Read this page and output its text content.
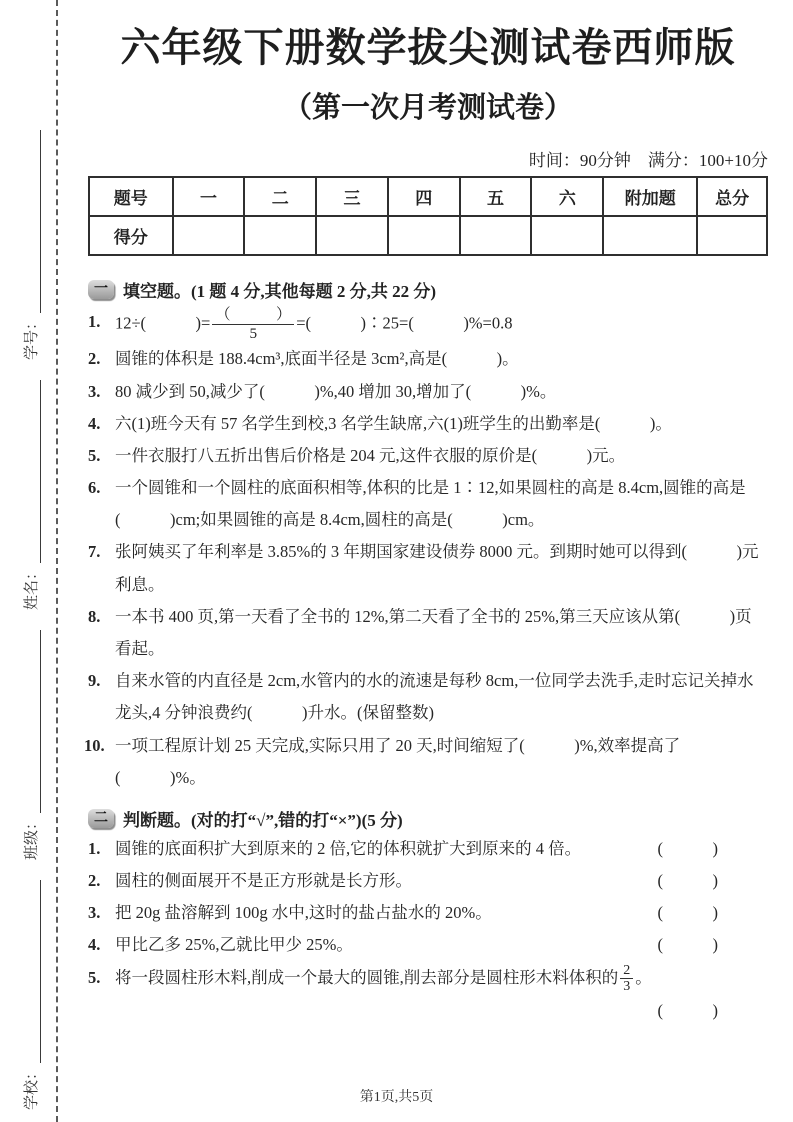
学号：
姓名：
班级：
学校：
六年级下册数学拔尖测试卷西师版
（第一次月考测试卷）
时间：90分钟　满分：100+10分
题号	一	二	三	四	五	六	附加题	总分
得分								
一 填空题。 (1 题 4 分,其他每题 2 分,共 22 分)
1. 12÷(　　　)= $\frac{( )}{5}$ =(　　　)∶25=(　　　)%=0.8
2. 圆锥的体积是 188.4cm³,底面半径是 3cm²,高是(　　　)。
3. 80 减少到 50,减少了(　　　)%,40 增加 30,增加了(　　　)%。
4. 六(1)班今天有 57 名学生到校,3 名学生缺席,六(1)班学生的出勤率是(　　　)。
5. 一件衣服打八五折出售后价格是 204 元,这件衣服的原价是(　　　)元。
6. 一个圆锥和一个圆柱的底面积相等,体积的比是 1∶12,如果圆柱的高是 8.4cm,圆锥的高是(　　　)cm;如果圆锥的高是 8.4cm,圆柱的高是(　　　)cm。
7. 张阿姨买了年利率是 3.85%的 3 年期国家建设债券 8000 元。到期时她可以得到(　　　)元利息。
8. 一本书 400 页,第一天看了全书的 12%,第二天看了全书的 25%,第三天应该从第(　　　)页看起。
9. 自来水管的内直径是 2cm,水管内的水的流速是每秒 8cm,一位同学去洗手,走时忘记关掉水龙头,4 分钟浪费约(　　　)升水。(保留整数)
10. 一项工程原计划 25 天完成,实际只用了 20 天,时间缩短了(　　　)%,效率提高了(　　　)%。
二 判断题。 (对的打“√”,错的打“×”)(5 分)
1. 圆锥的底面积扩大到原来的 2 倍,它的体积就扩大到原来的 4 倍。	(　　　)
2. 圆柱的侧面展开不是正方形就是长方形。	(　　　)
3. 把 20g 盐溶解到 100g 水中,这时的盐占盐水的 20%。	(　　　)
4. 甲比乙多 25%,乙就比甲少 25%。	(　　　)
5. 将一段圆柱形木料,削成一个最大的圆锥,削去部分是圆柱形木料体积的 $\frac{2}{3}$ 。
(　　　)
第1页,共5页
